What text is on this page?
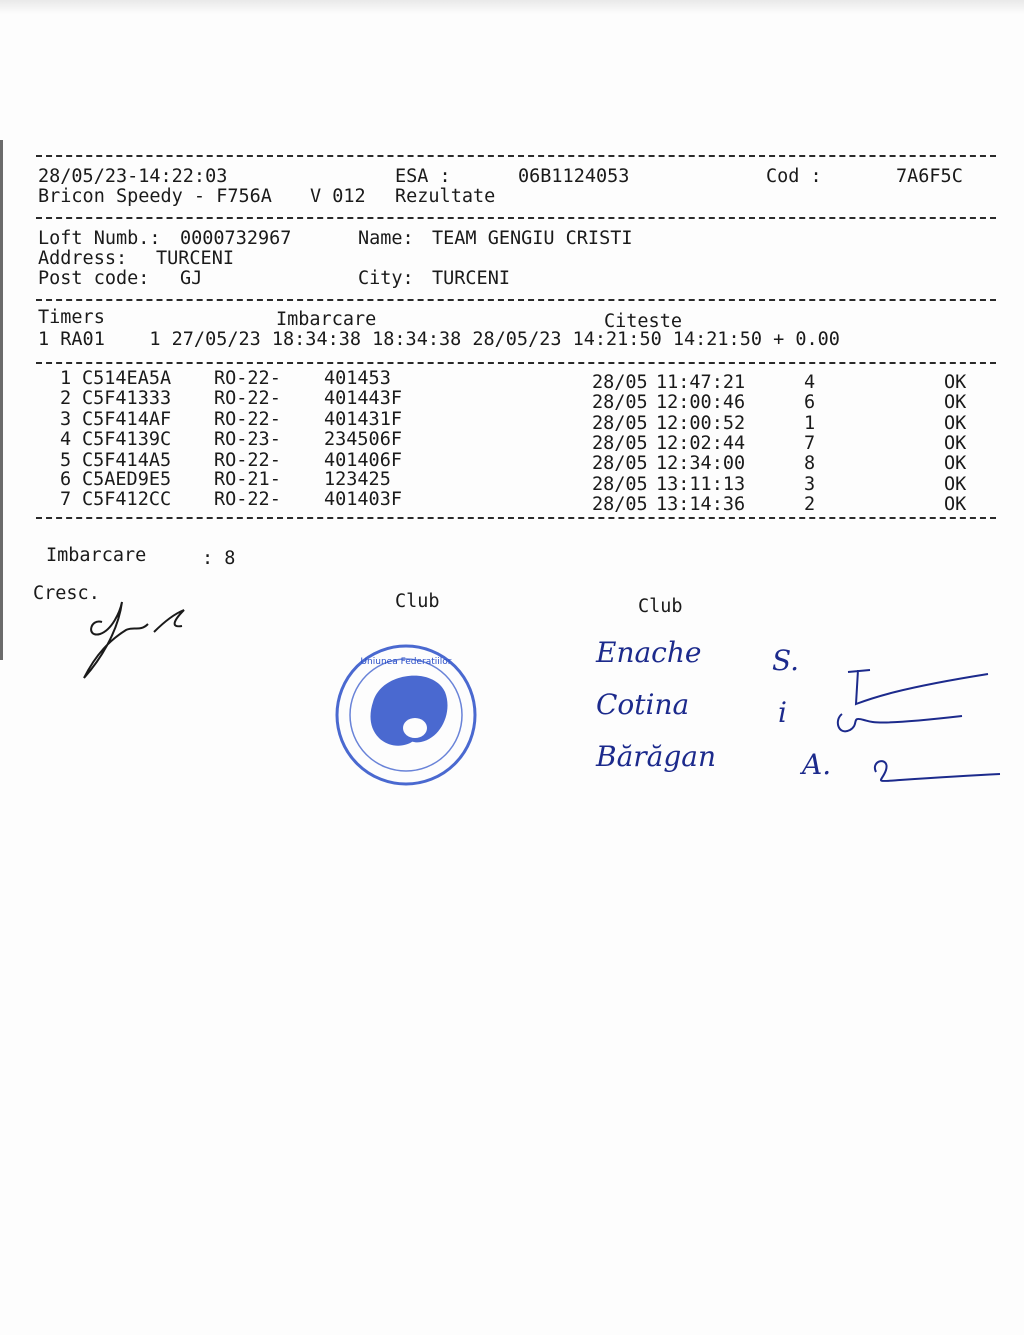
28/05/23-14:22:03	ESA :	06B1124053	Cod :	7A6F5C
Bricon Speedy - F756A V 012 Rezultate
Loft Numb.: 0000732967	Name: TEAM GENGIU CRISTI
Address: TURCENI
Post code: GJ	City: TURCENI
Timers	Imbarcare	Citeste
1 RA01    1 27/05/23 18:34:38 18:34:38 28/05/23 14:21:50 14:21:50 + 0.00
1 C514EA5A RO-22- 401453	28/05 11:47:21	4	OK
2 C5F41333 RO-22- 401443F	28/05 12:00:46	6	OK
3 C5F414AF RO-22- 401431F	28/05 12:00:52	1	OK
4 C5F4139C RO-23- 234506F	28/05 12:02:44	7	OK
5 C5F414A5 RO-22- 401406F	28/05 12:34:00	8	OK
6 C5AED9E5 RO-21- 123425	28/05 13:11:13	3	OK
7 C5F412CC RO-22- 401403F	28/05 13:14:36	2	OK
Imbarcare	: 8
Cresc.	Club	Club
Uniunea Federatiilor	Enache	S.
Cotina	i
Bărăgan	A.
